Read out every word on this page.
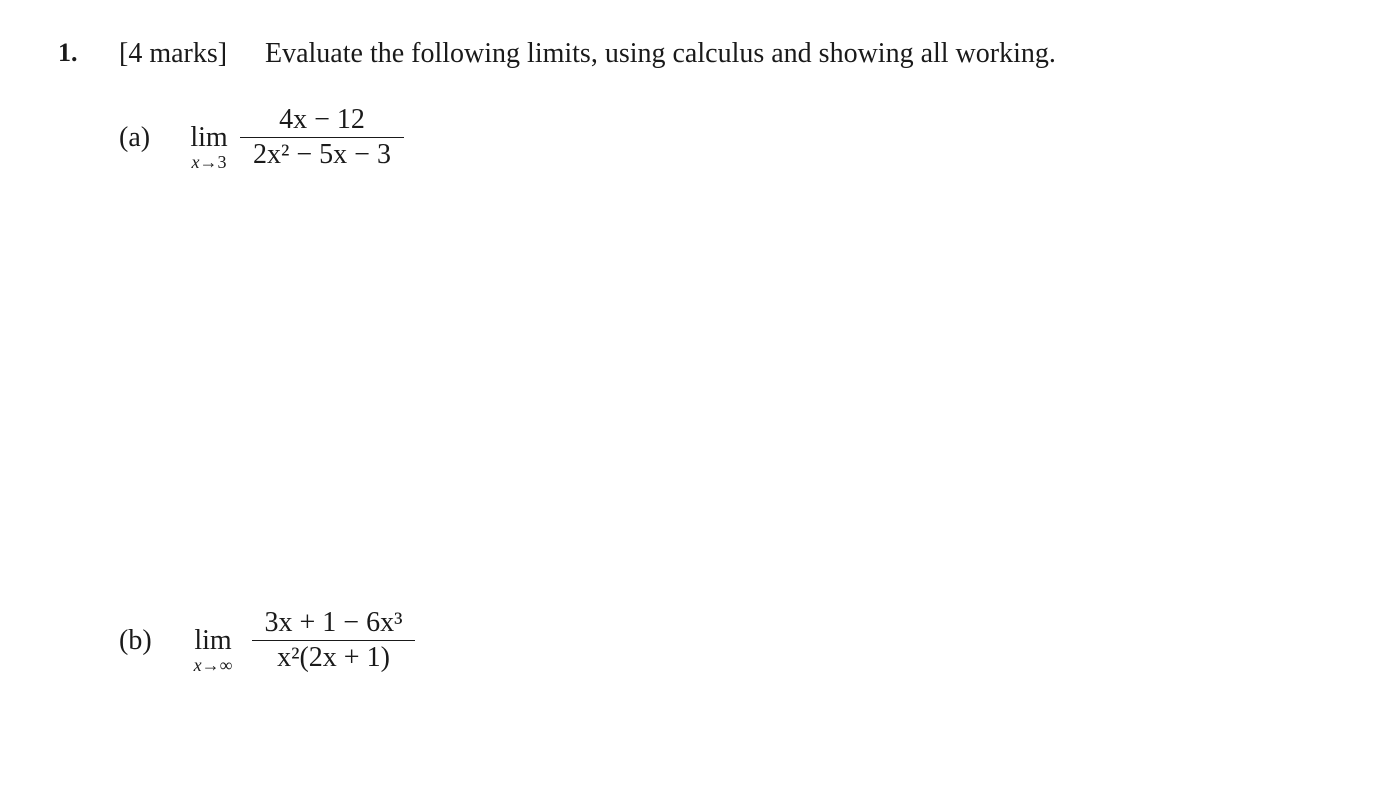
1. [4 marks] Evaluate the following limits, using calculus and showing all working.
(a) lim
x→3
4x − 12
2x² − 5x − 3
(b) lim
x→∞
3x + 1 − 6x³
x²(2x + 1)
